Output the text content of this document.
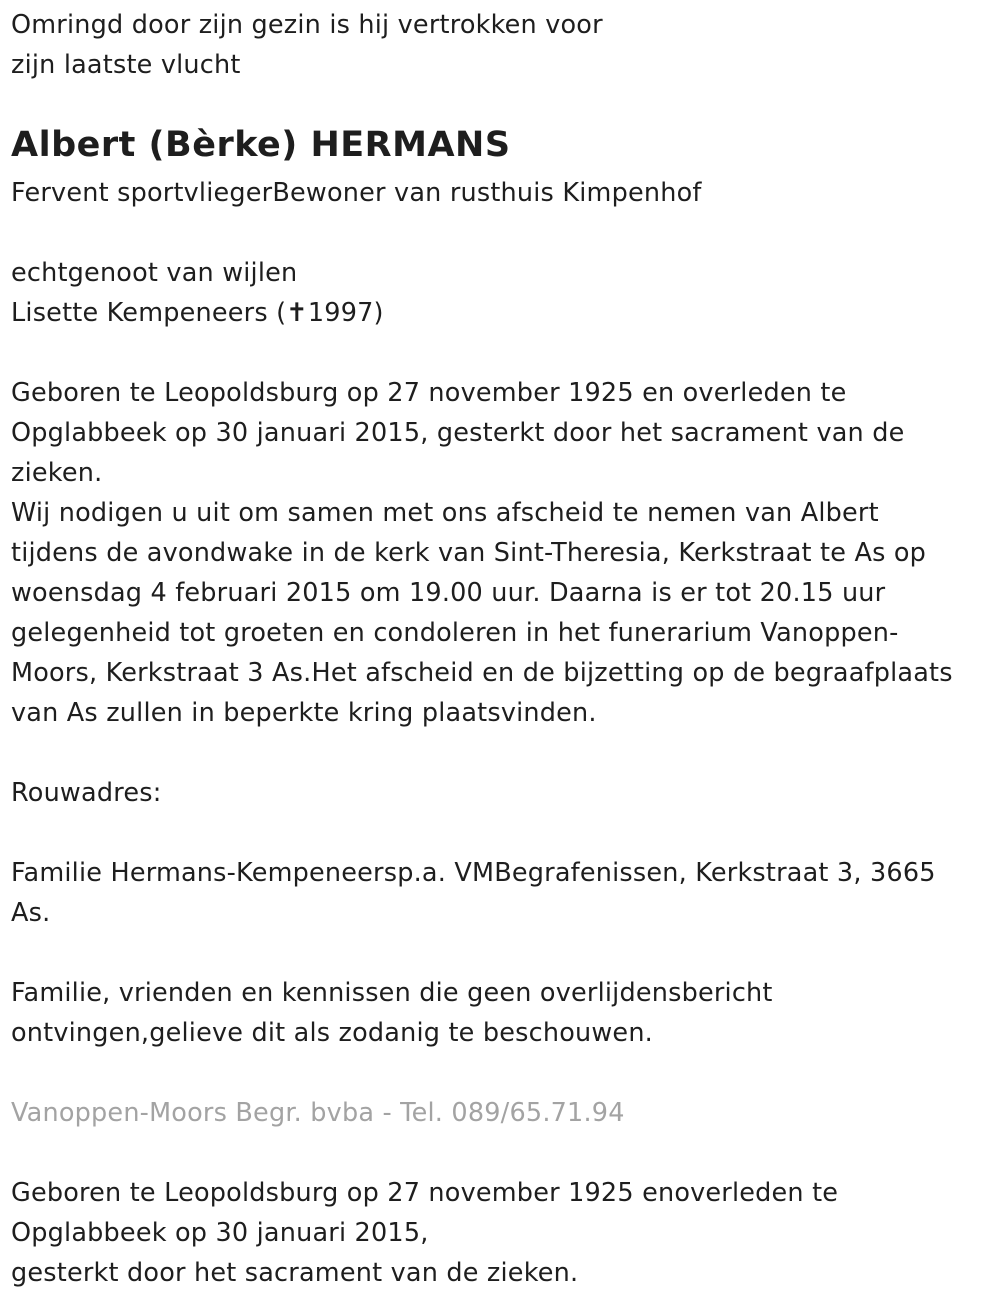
Omringd door zijn gezin is hij vertrokken voor
zijn laatste vlucht
Albert (Bèrke) HERMANS
Fervent sportvliegerBewoner van rusthuis Kimpenhof
echtgenoot van wijlen
Lisette Kempeneers (✝1997)
Geboren te Leopoldsburg op 27 november 1925 en overleden te
Opglabbeek op 30 januari 2015, gesterkt door het sacrament van de
zieken.
Wij nodigen u uit om samen met ons afscheid te nemen van Albert
tijdens de avondwake in de kerk van Sint-Theresia, Kerkstraat te As op
woensdag 4 februari 2015 om 19.00 uur. Daarna is er tot 20.15 uur
gelegenheid tot groeten en condoleren in het funerarium Vanoppen-
Moors, Kerkstraat 3 As.Het afscheid en de bijzetting op de begraafplaats
van As zullen in beperkte kring plaatsvinden.
Rouwadres:
Familie Hermans-Kempeneersp.a. VMBegrafenissen, Kerkstraat 3, 3665
As.
Familie, vrienden en kennissen die geen overlijdensbericht
ontvingen,gelieve dit als zodanig te beschouwen.
Vanoppen-Moors Begr. bvba - Tel. 089/65.71.94
Geboren te Leopoldsburg op 27 november 1925 enoverleden te
Opglabbeek op 30 januari 2015,
gesterkt door het sacrament van de zieken.
